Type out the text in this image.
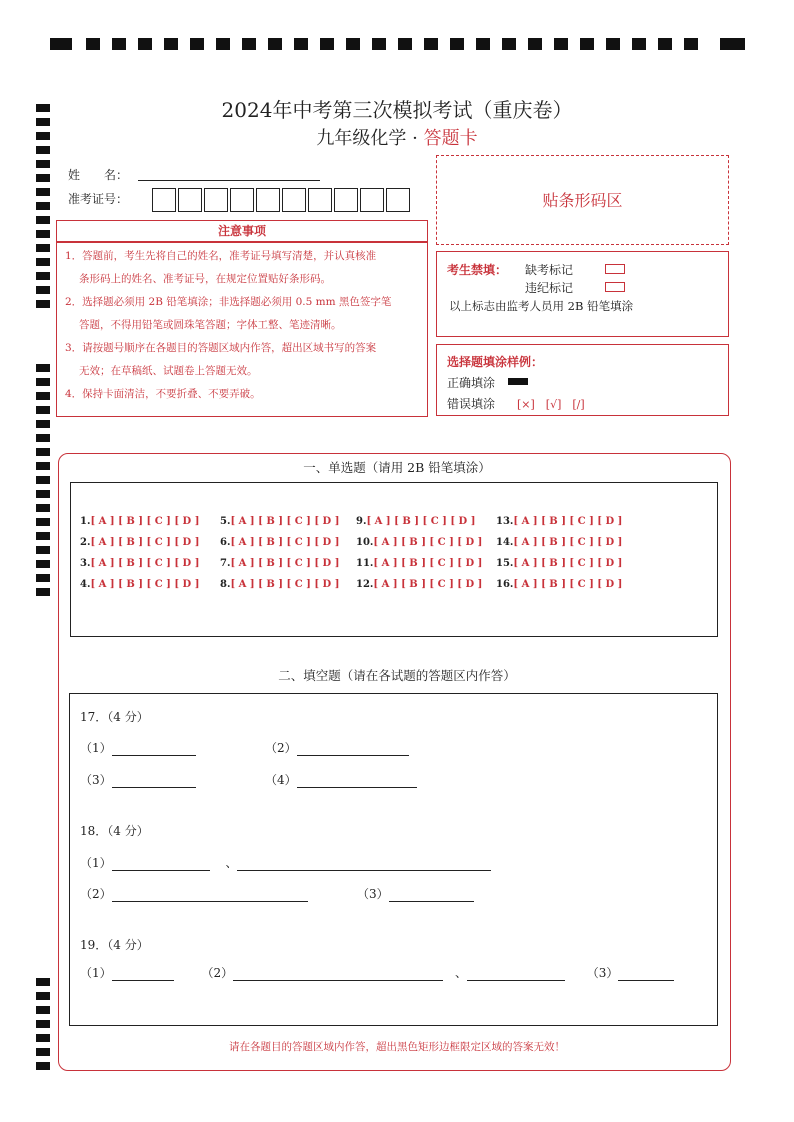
2024年中考第三次模拟考试（重庆卷）
九年级化学 · 答题卡
姓　　名：
准考证号：	贴条形码区
注意事项

1．答题前，考生先将自己的姓名，准考证号填写清楚，并认真核准

条形码上的姓名、准考证号，在规定位置贴好条形码。

2．选择题必须用 2B 铅笔填涂；非选择题必须用 0.5 mm 黑色签字笔

答题，不得用铅笔或圆珠笔答题；字体工整、笔迹清晰。

3．请按题号顺序在各题目的答题区域内作答，超出区域书写的答案

无效；在草稿纸、试题卷上答题无效。

4．保持卡面清洁，不要折叠、不要弄破。

考生禁填： 缺考标记
违纪标记
以上标志由监考人员用 2B 铅笔填涂
选择题填涂样例：
正确填涂
错误填涂 [×]　[√]　[/]
一、单选题（请用 2B 铅笔填涂）
1.[ A ] [ B ] [ C ] [ D ]
2.[ A ] [ B ] [ C ] [ D ]
3.[ A ] [ B ] [ C ] [ D ]
4.[ A ] [ B ] [ C ] [ D ]
5.[ A ] [ B ] [ C ] [ D ]
6.[ A ] [ B ] [ C ] [ D ]
7.[ A ] [ B ] [ C ] [ D ]
8.[ A ] [ B ] [ C ] [ D ]
9.[ A ] [ B ] [ C ] [ D ]
10.[ A ] [ B ] [ C ] [ D ]
11.[ A ] [ B ] [ C ] [ D ]
12.[ A ] [ B ] [ C ] [ D ]
13.[ A ] [ B ] [ C ] [ D ]
14.[ A ] [ B ] [ C ] [ D ]
15.[ A ] [ B ] [ C ] [ D ]
16.[ A ] [ B ] [ C ] [ D ]
二、填空题（请在各试题的答题区内作答）
17．（4 分）
（1）	（2）
（3）	（4）
18．（4 分）
（1）	、
（2）	（3）
19．（4 分）
（1）	（2）	、	（3）
请在各题目的答题区域内作答，超出黑色矩形边框限定区域的答案无效！
